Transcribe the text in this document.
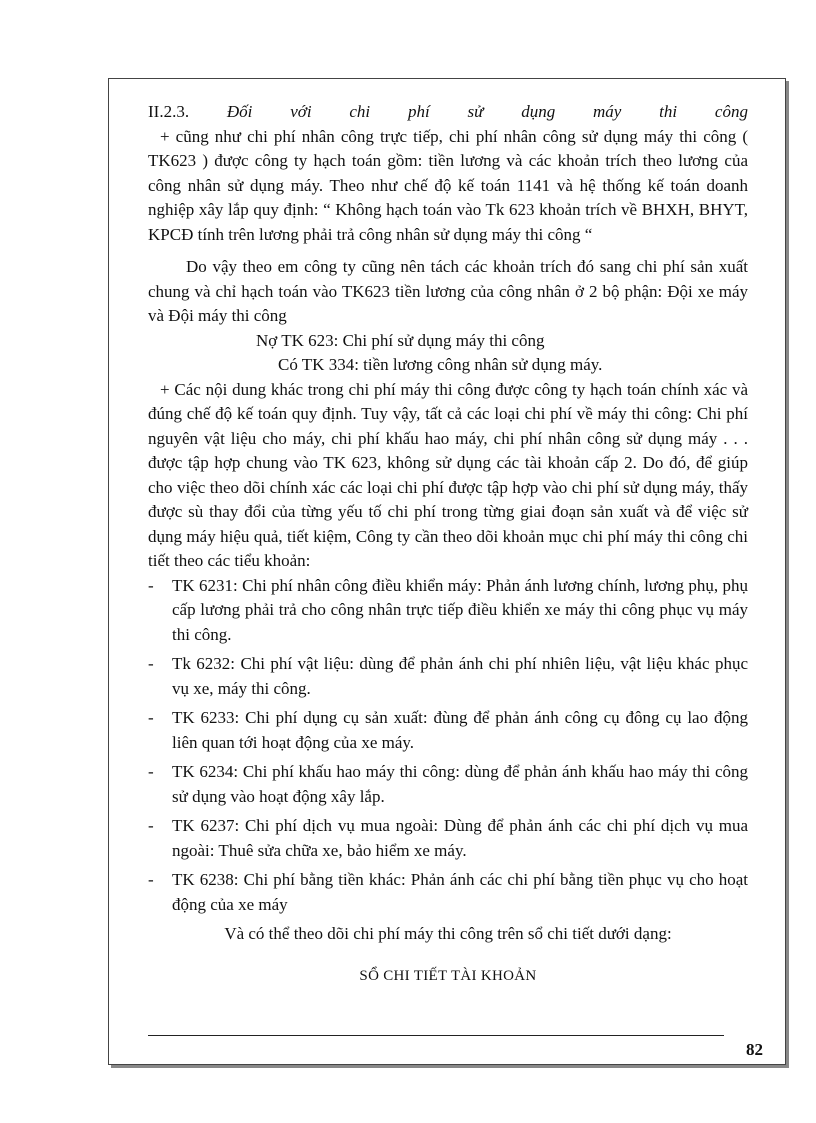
II.2.3. Đối với chi phí sử dụng máy thi công

+ cũng như chi phí nhân công trực tiếp, chi phí nhân công sử dụng máy thi công ( TK623 ) được công ty hạch toán gồm: tiền lương và các khoản trích theo lương của công nhân sử dụng máy. Theo như chế độ kế toán 1141 và hệ thống kế toán doanh nghiệp xây lắp quy định: “ Không hạch toán vào Tk 623 khoản trích về BHXH, BHYT, KPCĐ tính trên lương phải trả công nhân sử dụng máy thi công “

Do vậy theo em công ty cũng nên tách các khoản trích đó sang chi phí sản xuất chung và chỉ hạch toán vào TK623 tiền lương của công nhân ở 2 bộ phận: Đội xe máy và Đội máy thi công

Nợ TK 623: Chi phí sử dụng máy thi công

Có TK 334: tiền lương công nhân sử dụng máy.

+ Các nội dung khác trong chi phí máy thi công được công ty hạch toán chính xác và đúng chế độ kế toán quy định. Tuy vậy, tất cả các loại chi phí về máy thi công: Chi phí nguyên vật liệu cho máy, chi phí khấu hao máy, chi phí nhân công sử dụng máy . . . được tập hợp chung vào TK 623, không sử dụng các tài khoản cấp 2. Do đó, để giúp cho việc theo dõi chính xác các loại chi phí được tập hợp vào chi phí sử dụng máy, thấy được sù thay đổi của từng yếu tố chi phí trong từng giai đoạn sản xuất và để việc sử dụng máy hiệu quả, tiết kiệm, Công ty cần theo dõi khoản mục chi phí máy thi công chi tiết theo các tiểu khoản:

- TK 6231: Chi phí nhân công điều khiển máy: Phản ánh lương chính, lương phụ, phụ cấp lương phải trả cho công nhân trực tiếp điều khiển xe máy thi công phục vụ máy thi công.
- Tk 6232: Chi phí vật liệu: dùng để phản ánh chi phí nhiên liệu, vật liệu khác phục vụ xe, máy thi công.
- TK 6233: Chi phí dụng cụ sản xuất: đùng để phản ánh công cụ đông cụ lao động liên quan tới hoạt động của xe máy.
- TK 6234: Chi phí khấu hao máy thi công: dùng để phản ánh khấu hao máy thi công sử dụng vào hoạt động xây lắp.
- TK 6237: Chi phí dịch vụ mua ngoài: Dùng để phản ánh các chi phí dịch vụ mua ngoài: Thuê sửa chữa xe, bảo hiểm xe máy.
- TK 6238: Chi phí bằng tiền khác: Phản ánh các chi phí bằng tiền phục vụ cho hoạt động của xe máy

Và có thể theo dõi chi phí máy thi công trên sổ chi tiết dưới dạng:

SỔ CHI TIẾT TÀI KHOẢN

82
